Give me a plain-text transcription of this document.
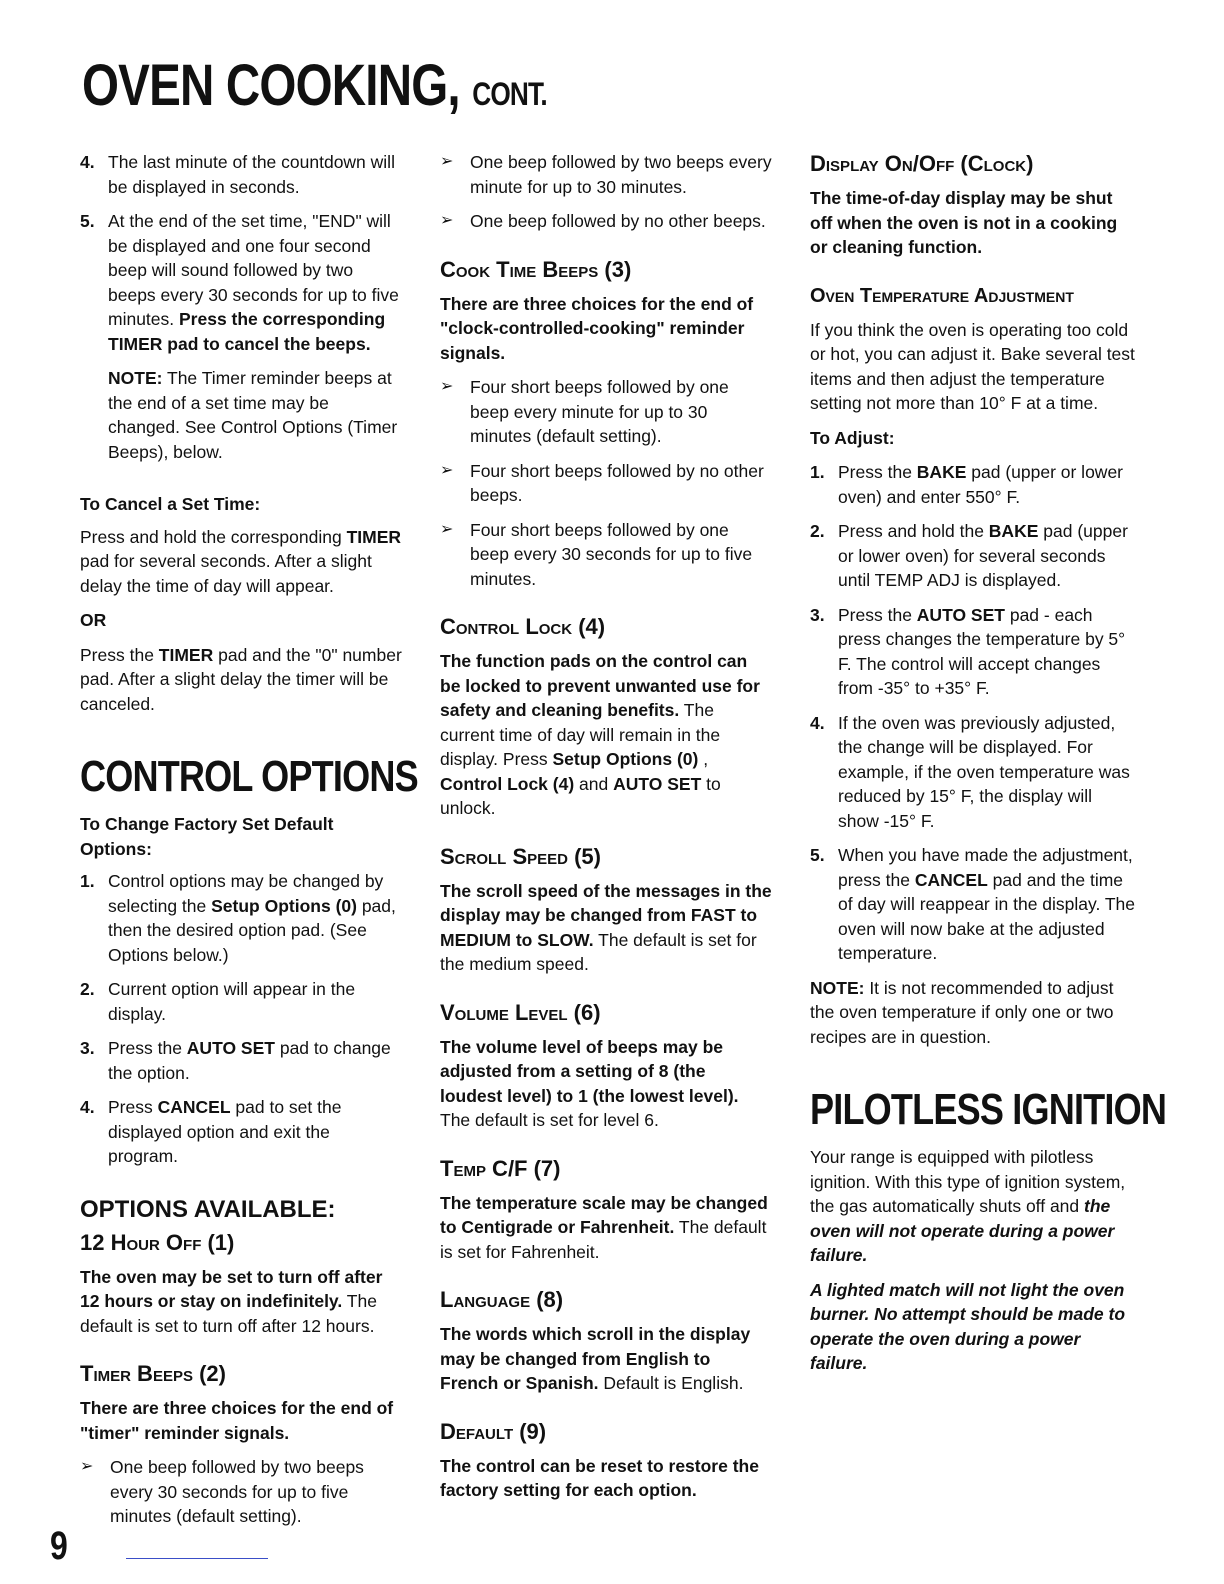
OVEN COOKING, CONT.
4. The last minute of the countdown will be displayed in seconds.
5. At the end of the set time, "END" will be displayed and one four second beep will sound followed by two beeps every 30 seconds for up to five minutes. Press the corresponding TIMER pad to cancel the beeps.

NOTE: The Timer reminder beeps at the end of a set time may be changed. See Control Options (Timer Beeps), below.

To Cancel a Set Time:

Press and hold the corresponding TIMER pad for several seconds. After a slight delay the time of day will appear.

OR

Press the TIMER pad and the "0" number pad. After a slight delay the timer will be canceled.

CONTROL OPTIONS
To Change Factory Set Default Options:
1. Control options may be changed by selecting the Setup Options (0) pad, then the desired option pad. (See Options below.)
2. Current option will appear in the display.
3. Press the AUTO SET pad to change the option.
4. Press CANCEL pad to set the displayed option and exit the program.
OPTIONS AVAILABLE:
12 Hour Off (1)

The oven may be set to turn off after 12 hours or stay on indefinitely. The default is set to turn off after 12 hours.

Timer Beeps (2)

There are three choices for the end of "timer" reminder signals.

➢ One beep followed by two beeps every 30 seconds for up to five minutes (default setting).
➢ One beep followed by two beeps every minute for up to 30 minutes.
➢ One beep followed by no other beeps.
Cook Time Beeps (3)

There are three choices for the end of "clock-controlled-cooking" reminder signals.

➢ Four short beeps followed by one beep every minute for up to 30 minutes (default setting).
➢ Four short beeps followed by no other beeps.
➢ Four short beeps followed by one beep every 30 seconds for up to five minutes.
Control Lock (4)

The function pads on the control can be locked to prevent unwanted use for safety and cleaning benefits. The current time of day will remain in the display. Press Setup Options (0) , Control Lock (4) and AUTO SET to unlock.

Scroll Speed (5)

The scroll speed of the messages in the display may be changed from FAST to MEDIUM to SLOW. The default is set for the medium speed.

Volume Level (6)

The volume level of beeps may be adjusted from a setting of 8 (the loudest level) to 1 (the lowest level). The default is set for level 6.

Temp C/F (7)

The temperature scale may be changed to Centigrade or Fahrenheit. The default is set for Fahrenheit.

Language (8)

The words which scroll in the display may be changed from English to French or Spanish. Default is English.

Default (9)

The control can be reset to restore the factory setting for each option.

Display On/Off (Clock)

The time-of-day display may be shut off when the oven is not in a cooking or cleaning function.

Oven Temperature Adjustment

If you think the oven is operating too cold or hot, you can adjust it. Bake several test items and then adjust the temperature setting not more than 10° F at a time.

To Adjust:

1. Press the BAKE pad (upper or lower oven) and enter 550° F.
2. Press and hold the BAKE pad (upper or lower oven) for several seconds until TEMP ADJ is displayed.
3. Press the AUTO SET pad - each press changes the temperature by 5° F. The control will accept changes from -35° to +35° F.
4. If the oven was previously adjusted, the change will be displayed. For example, if the oven temperature was reduced by 15° F, the display will show -15° F.
5. When you have made the adjustment, press the CANCEL pad and the time of day will reappear in the display. The oven will now bake at the adjusted temperature.

NOTE: It is not recommended to adjust the oven temperature if only one or two recipes are in question.

PILOTLESS IGNITION

Your range is equipped with pilotless ignition. With this type of ignition system, the gas automatically shuts off and the oven will not operate during a power failure.

A lighted match will not light the oven burner. No attempt should be made to operate the oven during a power failure.

9
